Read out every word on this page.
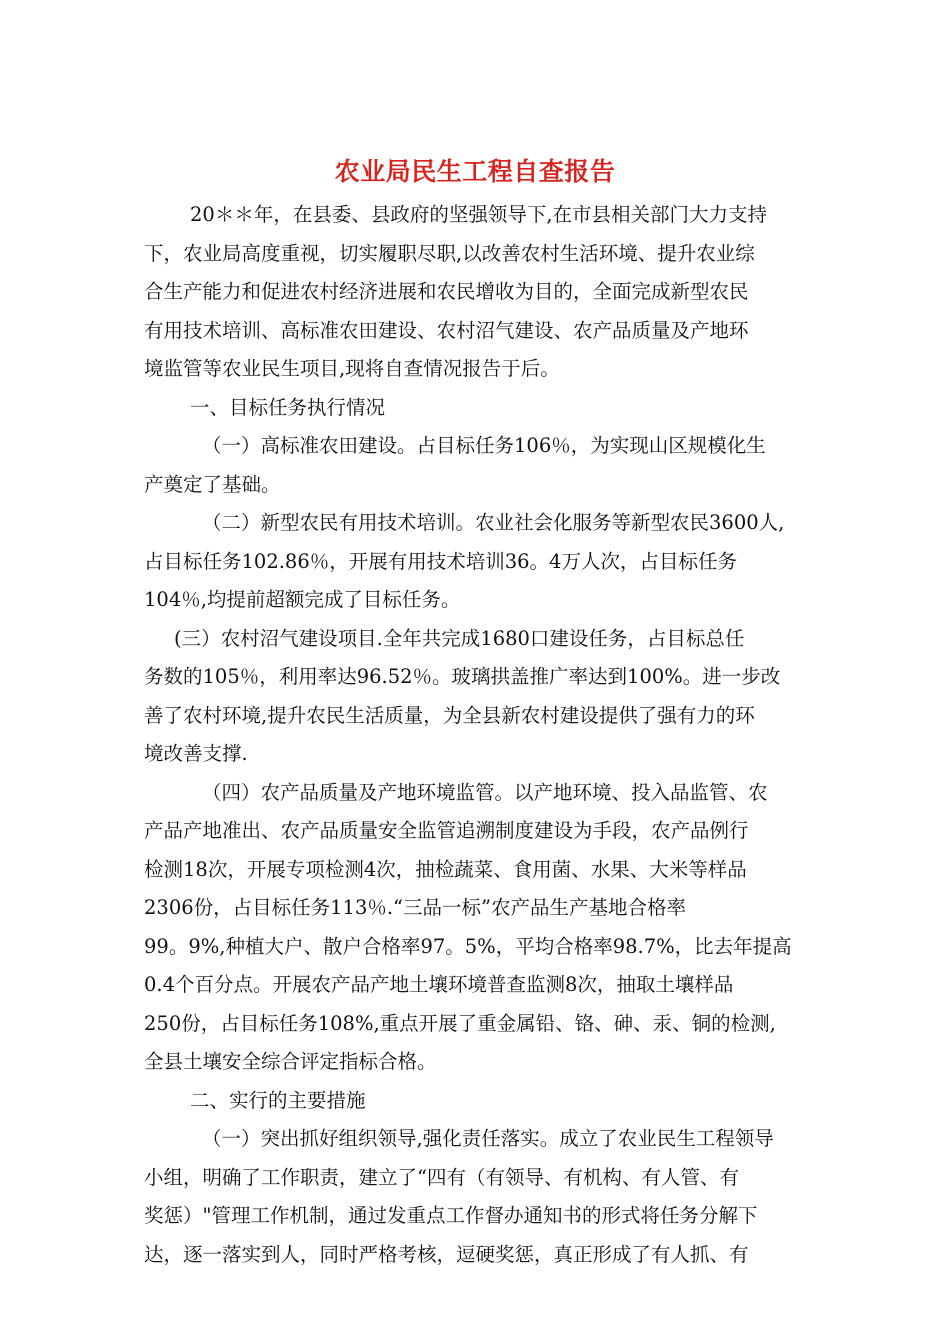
农业局民生工程自查报告
20＊＊年，在县委、县政府的坚强领导下,在市县相关部门大力支持
下，农业局高度重视，切实履职尽职,以改善农村生活环境、提升农业综
合生产能力和促进农村经济进展和农民增收为目的，全面完成新型农民
有用技术培训、高标准农田建设、农村沼气建设、农产品质量及产地环
境监管等农业民生项目,现将自查情况报告于后。
一、目标任务执行情况
（一）高标准农田建设。占目标任务106％，为实现山区规模化生
产奠定了基础。
（二）新型农民有用技术培训。农业社会化服务等新型农民3600人,
占目标任务102.86％，开展有用技术培训36。4万人次，占目标任务
104％,均提前超额完成了目标任务。
(三）农村沼气建设项目.全年共完成1680口建设任务，占目标总任
务数的105％，利用率达96.52％。玻璃拱盖推广率达到100%。进一步改
善了农村环境,提升农民生活质量，为全县新农村建设提供了强有力的环
境改善支撑.
（四）农产品质量及产地环境监管。以产地环境、投入品监管、农
产品产地准出、农产品质量安全监管追溯制度建设为手段，农产品例行
检测18次，开展专项检测4次，抽检蔬菜、食用菌、水果、大米等样品
2306份，占目标任务113％.“三品一标”农产品生产基地合格率
99。9%,种植大户、散户合格率97。5%，平均合格率98.7%，比去年提高
0.4个百分点。开展农产品产地土壤环境普查监测8次，抽取土壤样品
250份，占目标任务108%,重点开展了重金属铅、铬、砷、汞、铜的检测,
全县土壤安全综合评定指标合格。
二、实行的主要措施
（一）突出抓好组织领导,强化责任落实。成立了农业民生工程领导
小组，明确了工作职责，建立了“四有（有领导、有机构、有人管、有
奖惩）"管理工作机制，通过发重点工作督办通知书的形式将任务分解下
达，逐一落实到人，同时严格考核，逗硬奖惩，真正形成了有人抓、有
